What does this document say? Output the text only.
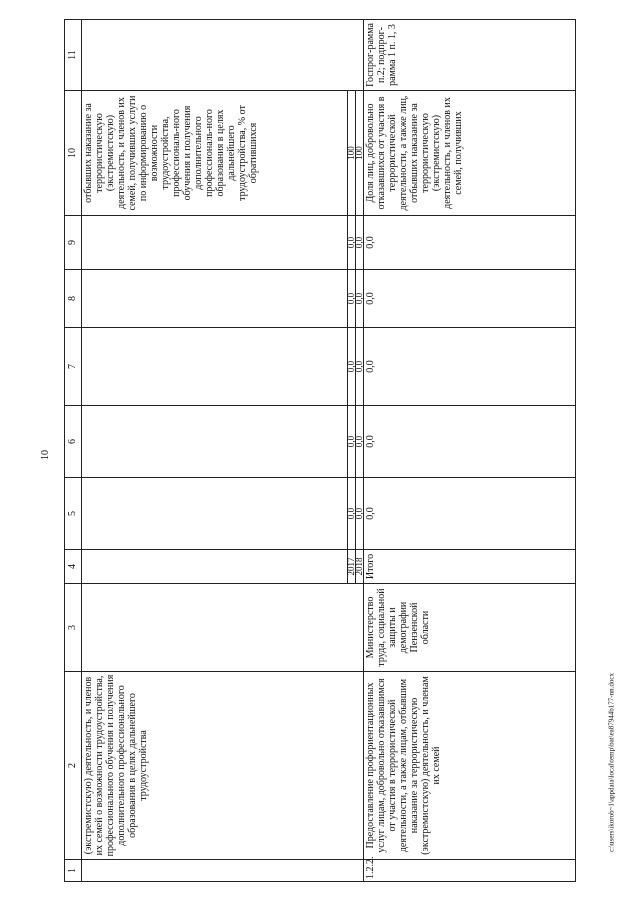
10
1	2	3	4	5	6	7	8	9	10	11
	(экстремистскую) деятельность, и членов их семей о возможности трудоустройства, профессионального обучения и получения дополнительного профессионального образования в целях дальнейшего трудоустройства								отбывших наказание за террористическую (экстремистскую) деятельность, и членов их семей, получивших услуги по информированию о возможности трудоустройства, профессиональ-ного обучения и получения дополнительного профессиональ-ного образования в целях дальнейшего трудоустройства, % от обратившихся	
			2017	0,0	0,0	0,0	0,0	0,0	100	
			2018	0,0	0,0	0,0	0,0	0,0	100	
1.2.2.	Предоставление профориентационных услуг лицам, добровольно отказавшимся от участия в террористической деятельности, а также лицам, отбывшим наказание за террористическую (экстремистскую) деятельность, и членам их семей	Министерство труда, социальной защиты и демографии Пензенской области	Итого	0,0	0,0	0,0	0,0	0,0	Доля лиц, добровольно отказавшихся от участия в террористической деятельности, а также лиц, отбывших наказание за террористическую (экстремистскую) деятельность, и членов их семей, получивших	Госпрог-рамма п.2; подпрог-рамма 1 п. 1, 3
c:\users\ikorob~1\appdata\local\temp\bat\ea87944b177-nn.docx
